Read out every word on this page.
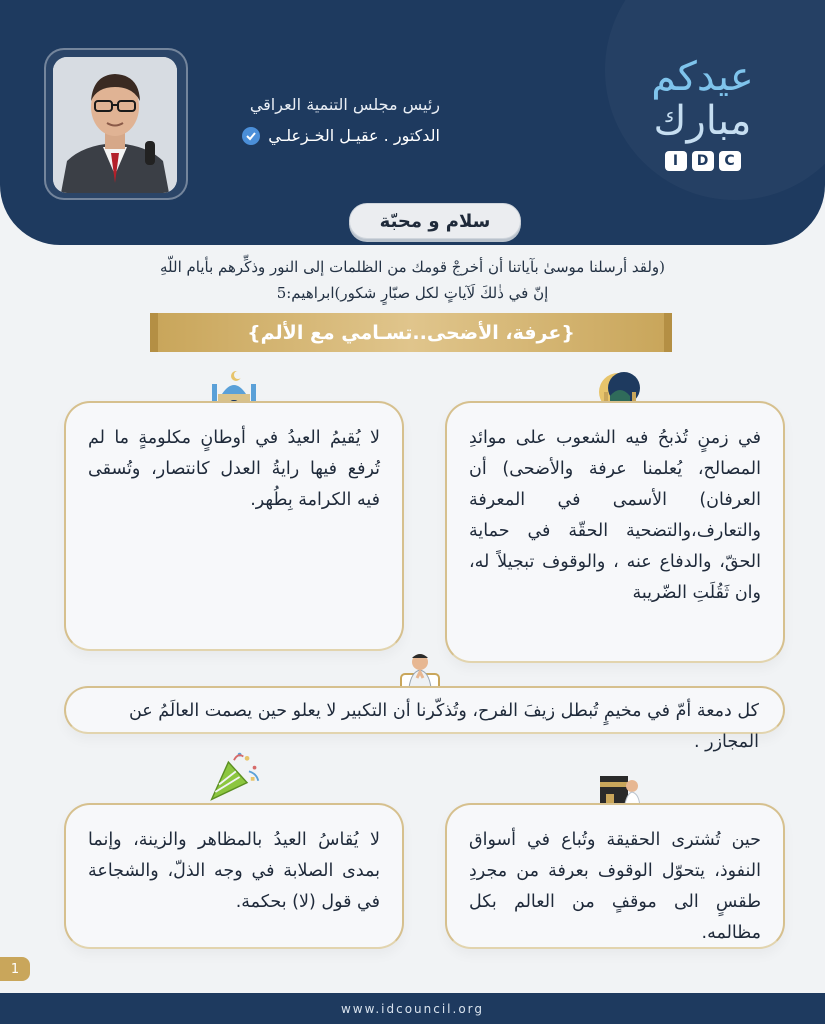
رئيس مجلس التنمية العراقي
الدكتور . عقيـل الخـزعلـي
عيدكم
مبارك
I	D	C
سلام و محبّة
(ولقد أرسلنا موسىٰ بآياتنا أن أخرجْ قومك من الظلمات إلى النور وذكِّرهم بأيام اللّهِ
إنّ في ذٰلكَ لَآياتٍ لكل صبّارٍ شكور)ابراهيم:5
{عرفة، الأضحى..تسـامي مع الألم}
في زمنٍ تُذبحُ فيه الشعوب على موائدِ المصالح، يُعلمنا عرفة والأضحى) أن العرفان) الأسمى في المعرفة والتعارف،والتضحية الحقّة في حماية الحقّ، والدفاع عنه ، والوقوف تبجيلاً له، وان ثَقُلَتِ الضّريبة
لا يُقيمُ العيدُ في أوطانٍ مكلومةٍ ما لم تُرفع فيها رايةُ العدل كانتصار، وتُسقى فيه الكرامة بِطُهر.
كل دمعة أمّ في مخيمٍ تُبطل زيفَ الفرح، وتُذكّرنا أن التكبير لا يعلو حين يصمت العالَمُ عن المجازر .
حين تُشترى الحقيقة وتُباع في أسواق النفوذ، يتحوّل الوقوف بعرفة من مجردِ طقسٍ الى موقفٍ من العالم بكل مظالمه.
لا يُقاسُ العيدُ بالمظاهر والزينة، وإنما بمدى الصلابة في وجه الذلّ، والشجاعة في قول (لا) بحكمة.
1
www.idcouncil.org
